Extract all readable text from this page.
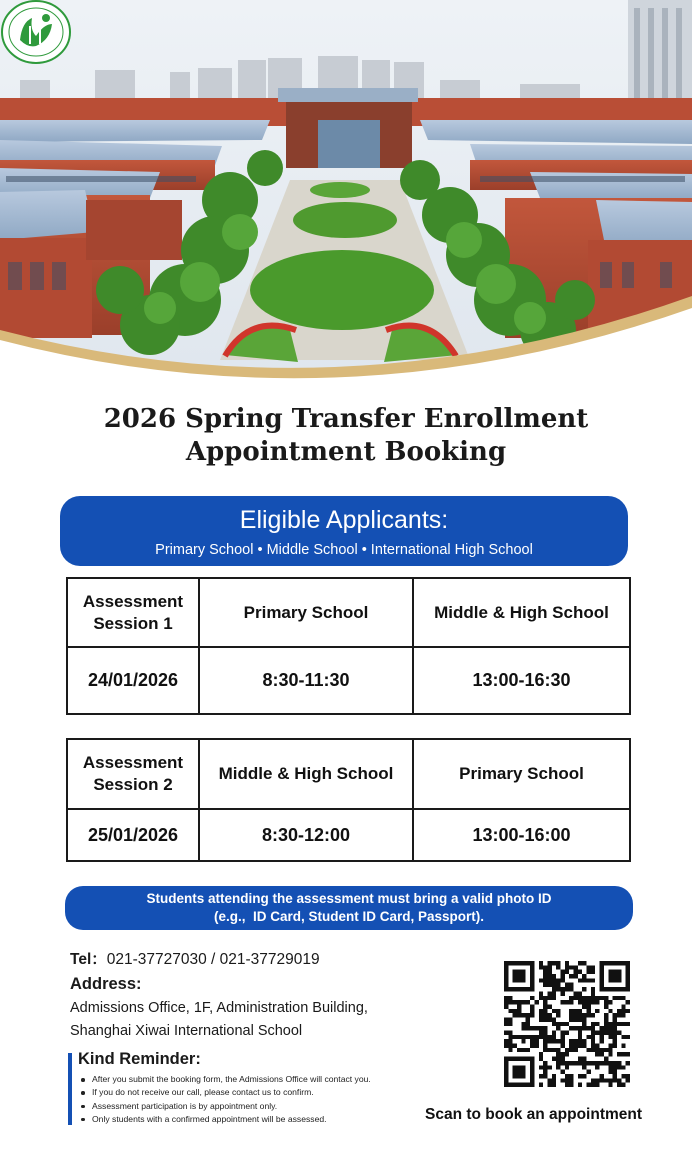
2026 Spring Transfer Enrollment
Appointment Booking
Eligible Applicants:
Primary School • Middle School • International High School
Assessment Session 1	Primary School	Middle & High School
24/01/2026	8:30-11:30	13:00-16:30
Assessment Session 2	Middle & High School	Primary School
25/01/2026	8:30-12:00	13:00-16:00
Students attending the assessment must bring a valid photo ID
(e.g.,  ID Card, Student ID Card, Passport).
Tel：021-37727030 / 021-37729019
Address:
Admissions Office, 1F, Administration Building,
Shanghai Xiwai International School
Kind Reminder:
After you submit the booking form, the Admissions Office will contact you.
If you do not receive our call, please contact us to confirm.
Assessment participation is by appointment only.
Only students with a confirmed appointment will be assessed.	Scan to book an appointment
